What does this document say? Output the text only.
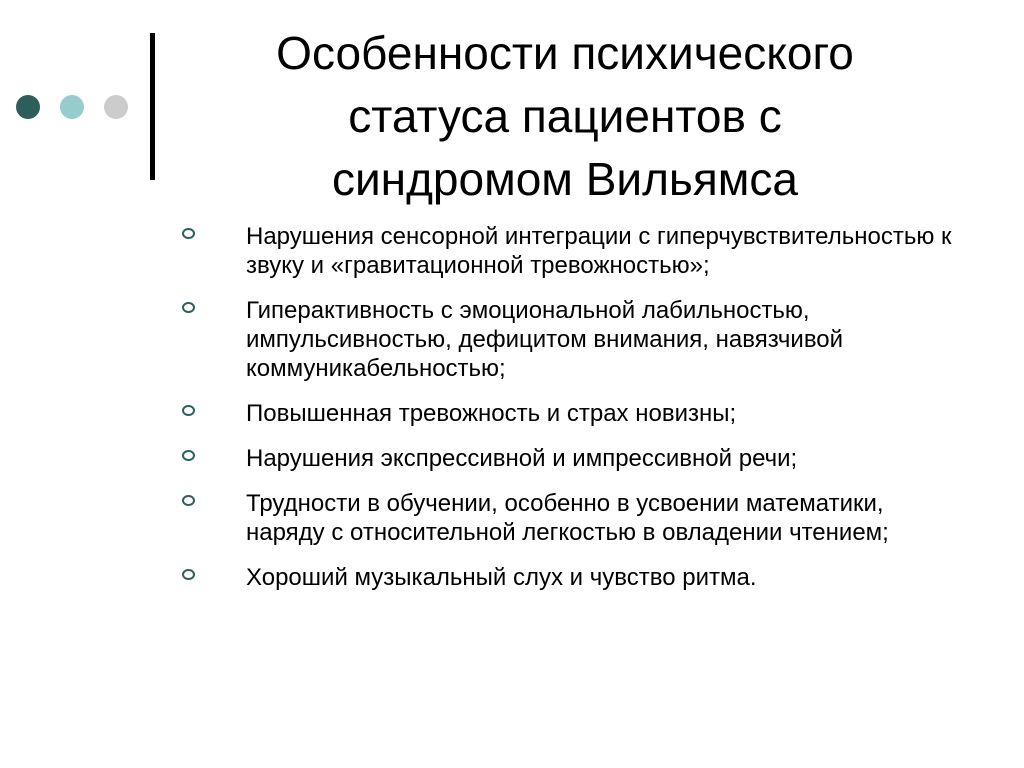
Особенности психического
статуса пациентов с
синдромом Вильямса
Нарушения сенсорной интеграции с гиперчувствительностью к звуку и «гравитационной тревожностью»;
Гиперактивность с эмоциональной лабильностью, импульсивностью, дефицитом внимания, навязчивой коммуникабельностью;
Повышенная тревожность и страх новизны;
Нарушения экспрессивной и импрессивной речи;
Трудности в обучении, особенно в усвоении математики, наряду с относительной легкостью в овладении чтением;
Хороший музыкальный слух и чувство ритма.
